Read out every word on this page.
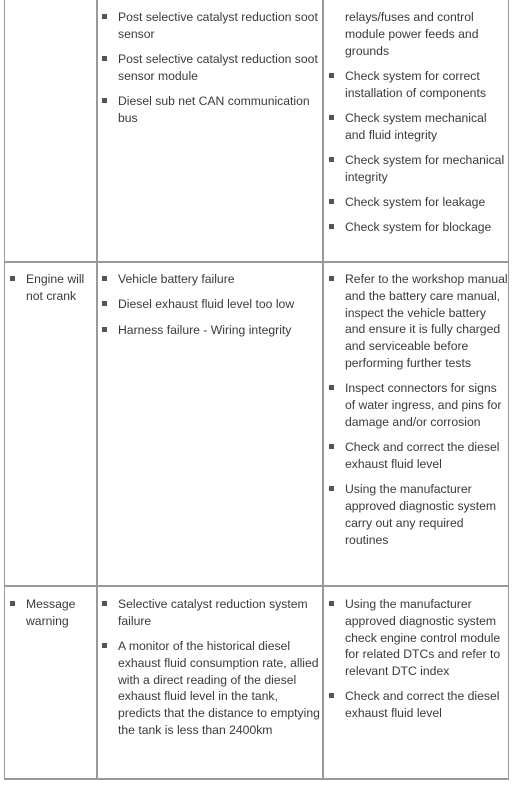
Post selective catalyst reduction soot sensor
Post selective catalyst reduction soot sensor module
Diesel sub net CAN communication bus
relays/fuses and control module power feeds and grounds
Check system for correct installation of components
Check system mechanical and fluid integrity
Check system for mechanical integrity
Check system for leakage
Check system for blockage
Engine will not crank
Vehicle battery failure
Diesel exhaust fluid level too low
Harness failure - Wiring integrity
Refer to the workshop manual and the battery care manual, inspect the vehicle battery and ensure it is fully charged and serviceable before performing further tests
Inspect connectors for signs of water ingress, and pins for damage and/or corrosion
Check and correct the diesel exhaust fluid level
Using the manufacturer approved diagnostic system carry out any required routines
Message warning
Selective catalyst reduction system failure
A monitor of the historical diesel exhaust fluid consumption rate, allied with a direct reading of the diesel exhaust fluid level in the tank, predicts that the distance to emptying the tank is less than 2400km
Using the manufacturer approved diagnostic system check engine control module for related DTCs and refer to relevant DTC index
Check and correct the diesel exhaust fluid level
